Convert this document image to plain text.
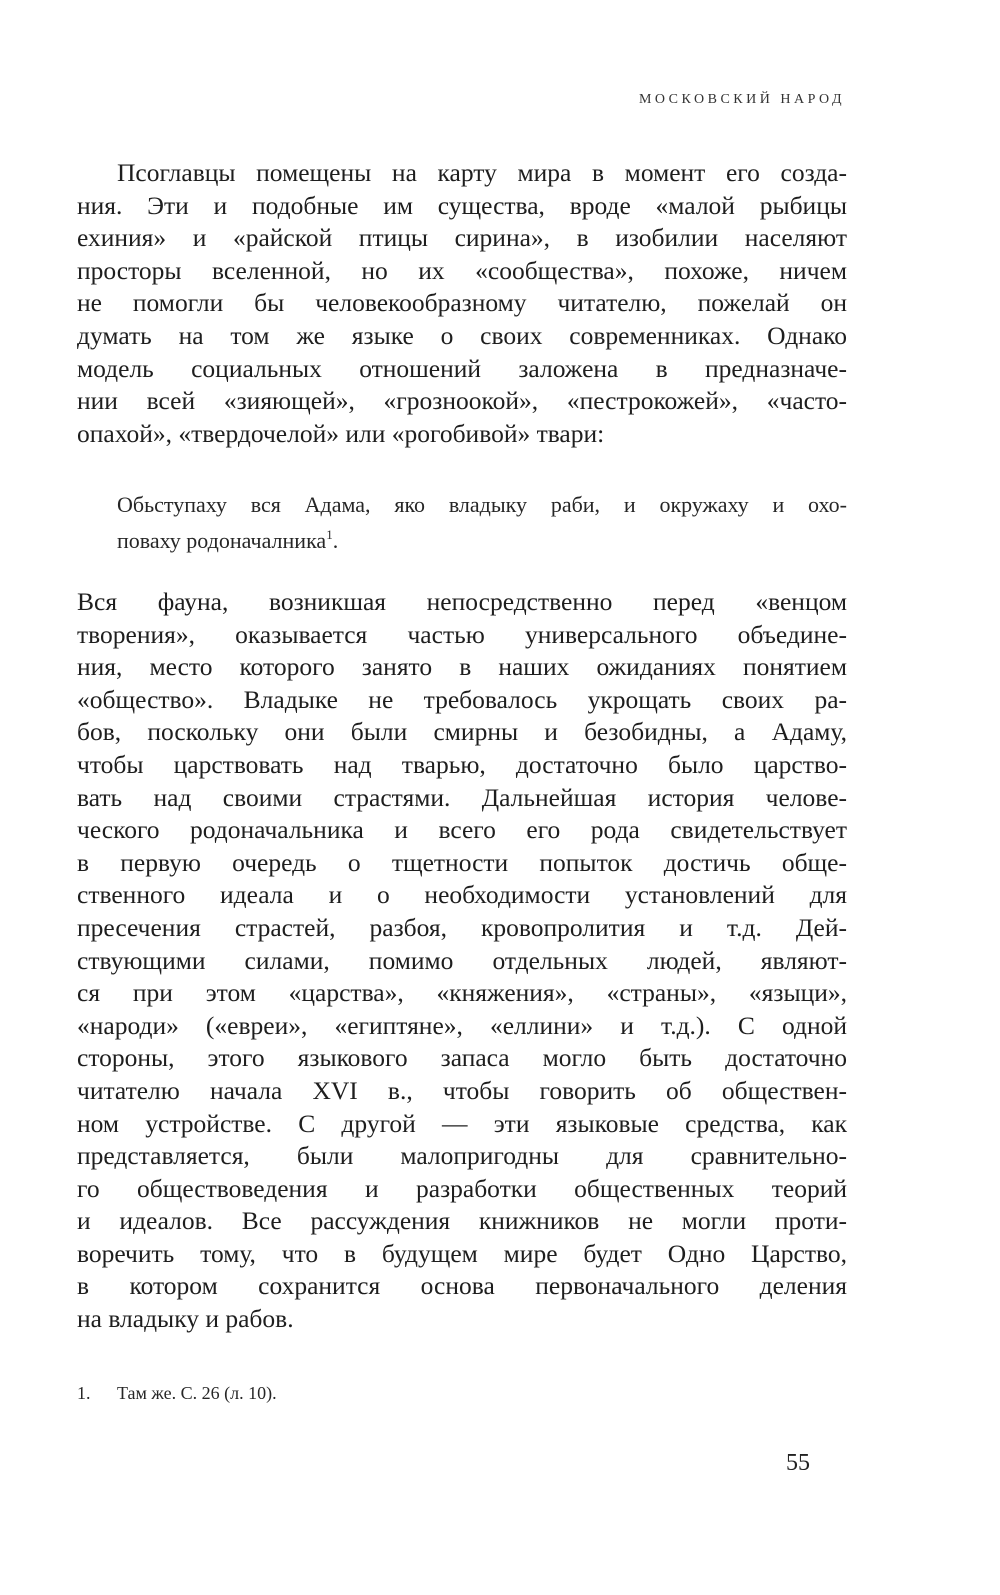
МОСКОВСКИЙ НАРОД
Псоглавцы помещены на карту мира в момент его созда-
ния. Эти и подобные им существа, вроде «малой рыбицы
ехиния» и «райской птицы сирина», в изобилии населяют
просторы вселенной, но их «сообщества», похоже, ничем
не помогли бы человекообразному читателю, пожелай он
думать на том же языке о своих современниках. Однако
модель социальных отношений заложена в предназначе-
нии всей «зияющей», «грозноокой», «пестрокожей», «часто-
опахой», «твердочелой» или «рогобивой» твари:
Обьступаху вся Адама, яко владыку раби, и окружаху и охо-
поваху родоначалника$^1$.
Вся фауна, возникшая непосредственно перед «венцом
творения», оказывается частью универсального объедине-
ния, место которого занято в наших ожиданиях понятием
«общество». Владыке не требовалось укрощать своих ра-
бов, поскольку они были смирны и безобидны, а Адаму,
чтобы царствовать над тварью, достаточно было царство-
вать над своими страстями. Дальнейшая история челове-
ческого родоначальника и всего его рода свидетельствует
в первую очередь о тщетности попыток достичь обще-
ственного идеала и о необходимости установлений для
пресечения страстей, разбоя, кровопролития и т.д. Дей-
ствующими силами, помимо отдельных людей, являют-
ся при этом «царства», «княжения», «страны», «языци»,
«народи» («евреи», «египтяне», «еллини» и т.д.). С одной
стороны, этого языкового запаса могло быть достаточно
читателю начала XVI в., чтобы говорить об обществен-
ном устройстве. С другой — эти языковые средства, как
представляется, были малопригодны для сравнительно-
го обществоведения и разработки общественных теорий
и идеалов. Все рассуждения книжников не могли проти-
воречить тому, что в будущем мире будет Одно Царство,
в котором сохранится основа первоначального деления
на владыку и рабов.
1. Там же. С. 26 (л. 10).
55
